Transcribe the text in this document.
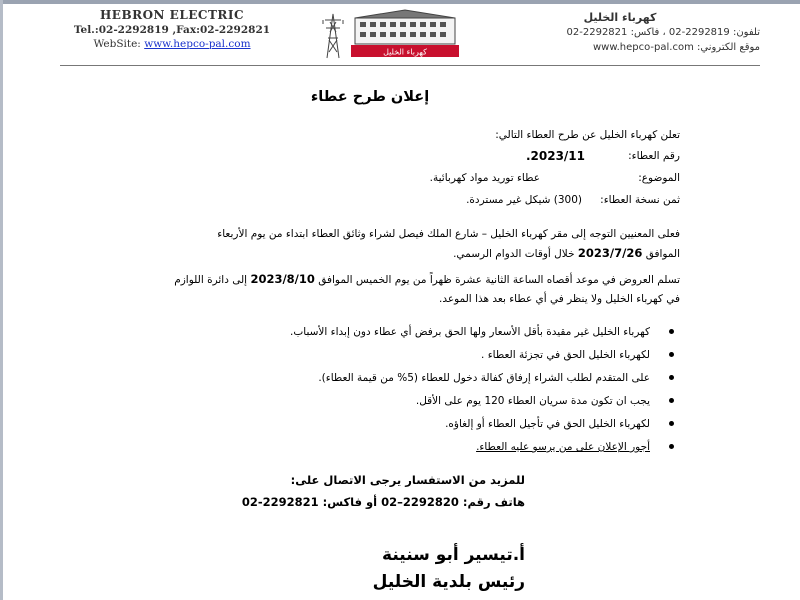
HEBRON ELECTRIC
Tel.:02-2292819 ,Fax:02-2292821
WebSite: www.hepco-pal.com
كهرباء الخليل
كهرباء الخليل
تلفون: 2292819-02 ، فاكس: 2292821-02
موقع الكتروني: www.hepco-pal.com
إعلان طرح عطاء
تعلن كهرباء الخليل عن طرح العطاء التالي:
رقم العطاء:
2023/11.
الموضوع:
عطاء توريد مواد كهربائية.
ثمن نسخة العطاء:
(300) شيكل غير مستردة.
فعلى المعنيين التوجه إلى مقر كهرباء الخليل – شارع الملك فيصل لشراء وثائق العطاء ابتداء من يوم الأربعاء
الموافق 2023/7/26 خلال أوقات الدوام الرسمي.
تسلم العروض في موعد أقصاه الساعة الثانية عشرة ظهراً من يوم الخميس الموافق 2023/8/10 إلى دائرة اللوازم
في كهرباء الخليل ولا ينظر في أي عطاء بعد هذا الموعد.
كهرباء الخليل غير مقيدة بأقل الأسعار ولها الحق برفض أي عطاء دون إبداء الأسباب.
لكهرباء الخليل الحق في تجزئة العطاء .
على المتقدم لطلب الشراء إرفاق كفالة دخول للعطاء (5% من قيمة العطاء).
يجب ان تكون مدة سريان العطاء 120 يوم على الأقل.
لكهرباء الخليل الحق في تأجيل العطاء أو إلغاؤه.
أجور الإعلان على من يرسو عليه العطاء.
للمزيد من الاستفسار يرجى الاتصال على:
هاتف رقم: 2292820–02 أو فاكس: 2292821-02
أ.تيسير أبو سنينة
رئيس بلدية الخليل
